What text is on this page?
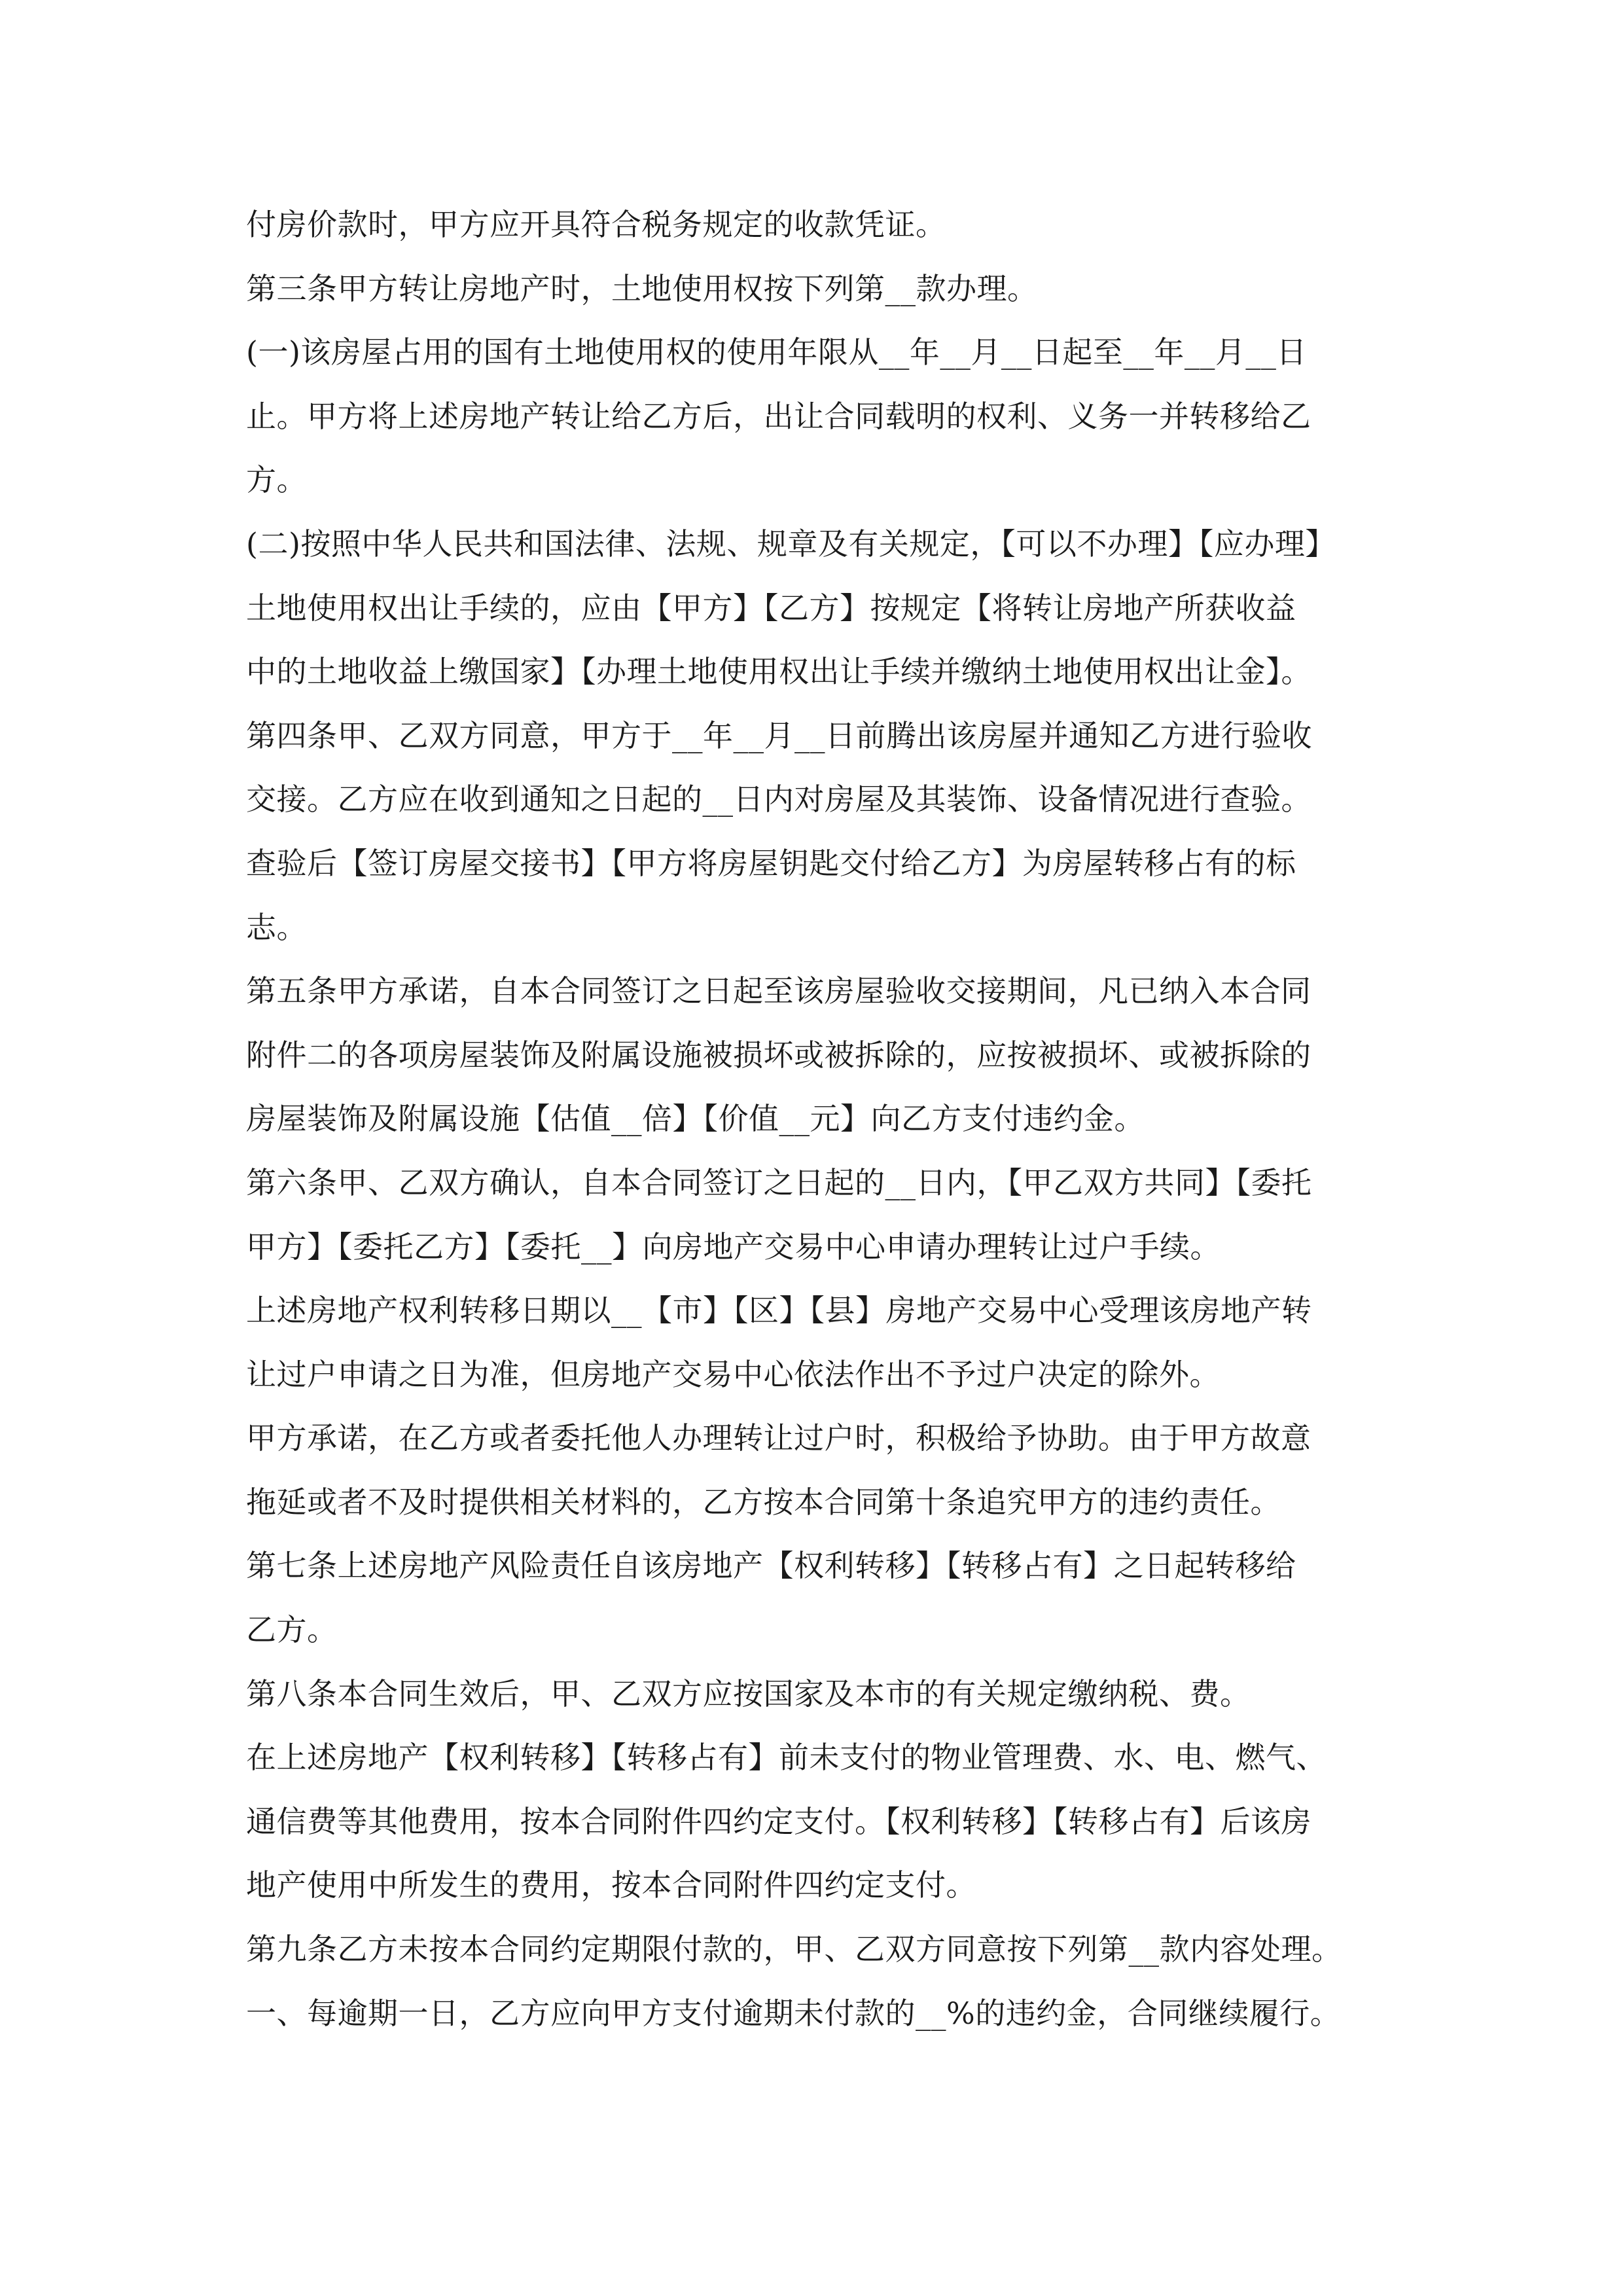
付房价款时，甲方应开具符合税务规定的收款凭证。
第三条甲方转让房地产时，土地使用权按下列第__款办理。
(一)该房屋占用的国有土地使用权的使用年限从__年__月__日起至__年__月__日
止。甲方将上述房地产转让给乙方后，出让合同载明的权利、义务一并转移给乙
方。
(二)按照中华人民共和国法律、法规、规章及有关规定，【可以不办理】【应办理】
土地使用权出让手续的，应由【甲方】【乙方】按规定【将转让房地产所获收益
中的土地收益上缴国家】【办理土地使用权出让手续并缴纳土地使用权出让金】。
第四条甲、乙双方同意，甲方于__年__月__日前腾出该房屋并通知乙方进行验收
交接。乙方应在收到通知之日起的__日内对房屋及其装饰、设备情况进行查验。
查验后【签订房屋交接书】【甲方将房屋钥匙交付给乙方】为房屋转移占有的标
志。
第五条甲方承诺，自本合同签订之日起至该房屋验收交接期间，凡已纳入本合同
附件二的各项房屋装饰及附属设施被损坏或被拆除的，应按被损坏、或被拆除的
房屋装饰及附属设施【估值__倍】【价值__元】向乙方支付违约金。
第六条甲、乙双方确认，自本合同签订之日起的__日内，【甲乙双方共同】【委托
甲方】【委托乙方】【委托__】向房地产交易中心申请办理转让过户手续。
上述房地产权利转移日期以__【市】【区】【县】房地产交易中心受理该房地产转
让过户申请之日为准，但房地产交易中心依法作出不予过户决定的除外。
甲方承诺，在乙方或者委托他人办理转让过户时，积极给予协助。由于甲方故意
拖延或者不及时提供相关材料的，乙方按本合同第十条追究甲方的违约责任。
第七条上述房地产风险责任自该房地产【权利转移】【转移占有】之日起转移给
乙方。
第八条本合同生效后，甲、乙双方应按国家及本市的有关规定缴纳税、费。
在上述房地产【权利转移】【转移占有】前未支付的物业管理费、水、电、燃气、
通信费等其他费用，按本合同附件四约定支付。【权利转移】【转移占有】后该房
地产使用中所发生的费用，按本合同附件四约定支付。
第九条乙方未按本合同约定期限付款的，甲、乙双方同意按下列第__款内容处理。
一、每逾期一日，乙方应向甲方支付逾期未付款的__%的违约金，合同继续履行。
